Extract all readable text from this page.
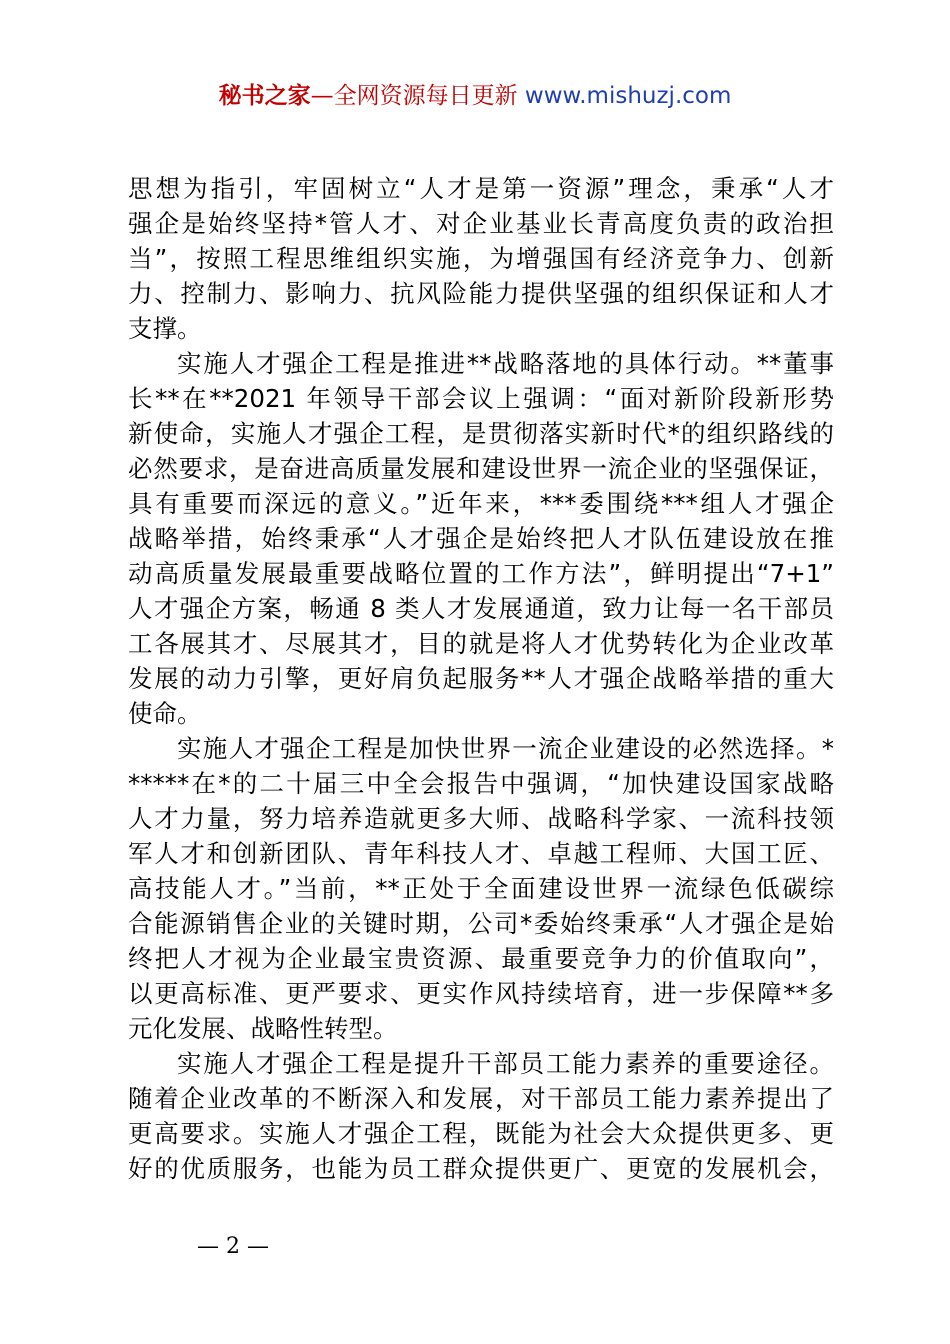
秘书之家—全网资源每日更新 www.mishuzj.com
思想为指引，牢固树立“人才是第一资源”理念，秉承“人才
强企是始终坚持*管人才、对企业基业长青高度负责的政治担
当”，按照工程思维组织实施，为增强国有经济竞争力、创新
力、控制力、影响力、抗风险能力提供坚强的组织保证和人才
支撑。
实施人才强企工程是推进**战略落地的具体行动。**董事
长**在**2021 年领导干部会议上强调：“面对新阶段新形势
新使命，实施人才强企工程，是贯彻落实新时代*的组织路线的
必然要求，是奋进高质量发展和建设世界一流企业的坚强保证，
具有重要而深远的意义。”近年来，***委围绕***组人才强企
战略举措，始终秉承“人才强企是始终把人才队伍建设放在推
动高质量发展最重要战略位置的工作方法”，鲜明提出“7+1”
人才强企方案，畅通 8 类人才发展通道，致力让每一名干部员
工各展其才、尽展其才，目的就是将人才优势转化为企业改革
发展的动力引擎，更好肩负起服务**人才强企战略举措的重大
使命。
实施人才强企工程是加快世界一流企业建设的必然选择。*
*****在*的二十届三中全会报告中强调，“加快建设国家战略
人才力量，努力培养造就更多大师、战略科学家、一流科技领
军人才和创新团队、青年科技人才、卓越工程师、大国工匠、
高技能人才。”当前，**正处于全面建设世界一流绿色低碳综
合能源销售企业的关键时期，公司*委始终秉承“人才强企是始
终把人才视为企业最宝贵资源、最重要竞争力的价值取向”，
以更高标准、更严要求、更实作风持续培育，进一步保障**多
元化发展、战略性转型。
实施人才强企工程是提升干部员工能力素养的重要途径。
随着企业改革的不断深入和发展，对干部员工能力素养提出了
更高要求。实施人才强企工程，既能为社会大众提供更多、更
好的优质服务，也能为员工群众提供更广、更宽的发展机会，
— 2 —
